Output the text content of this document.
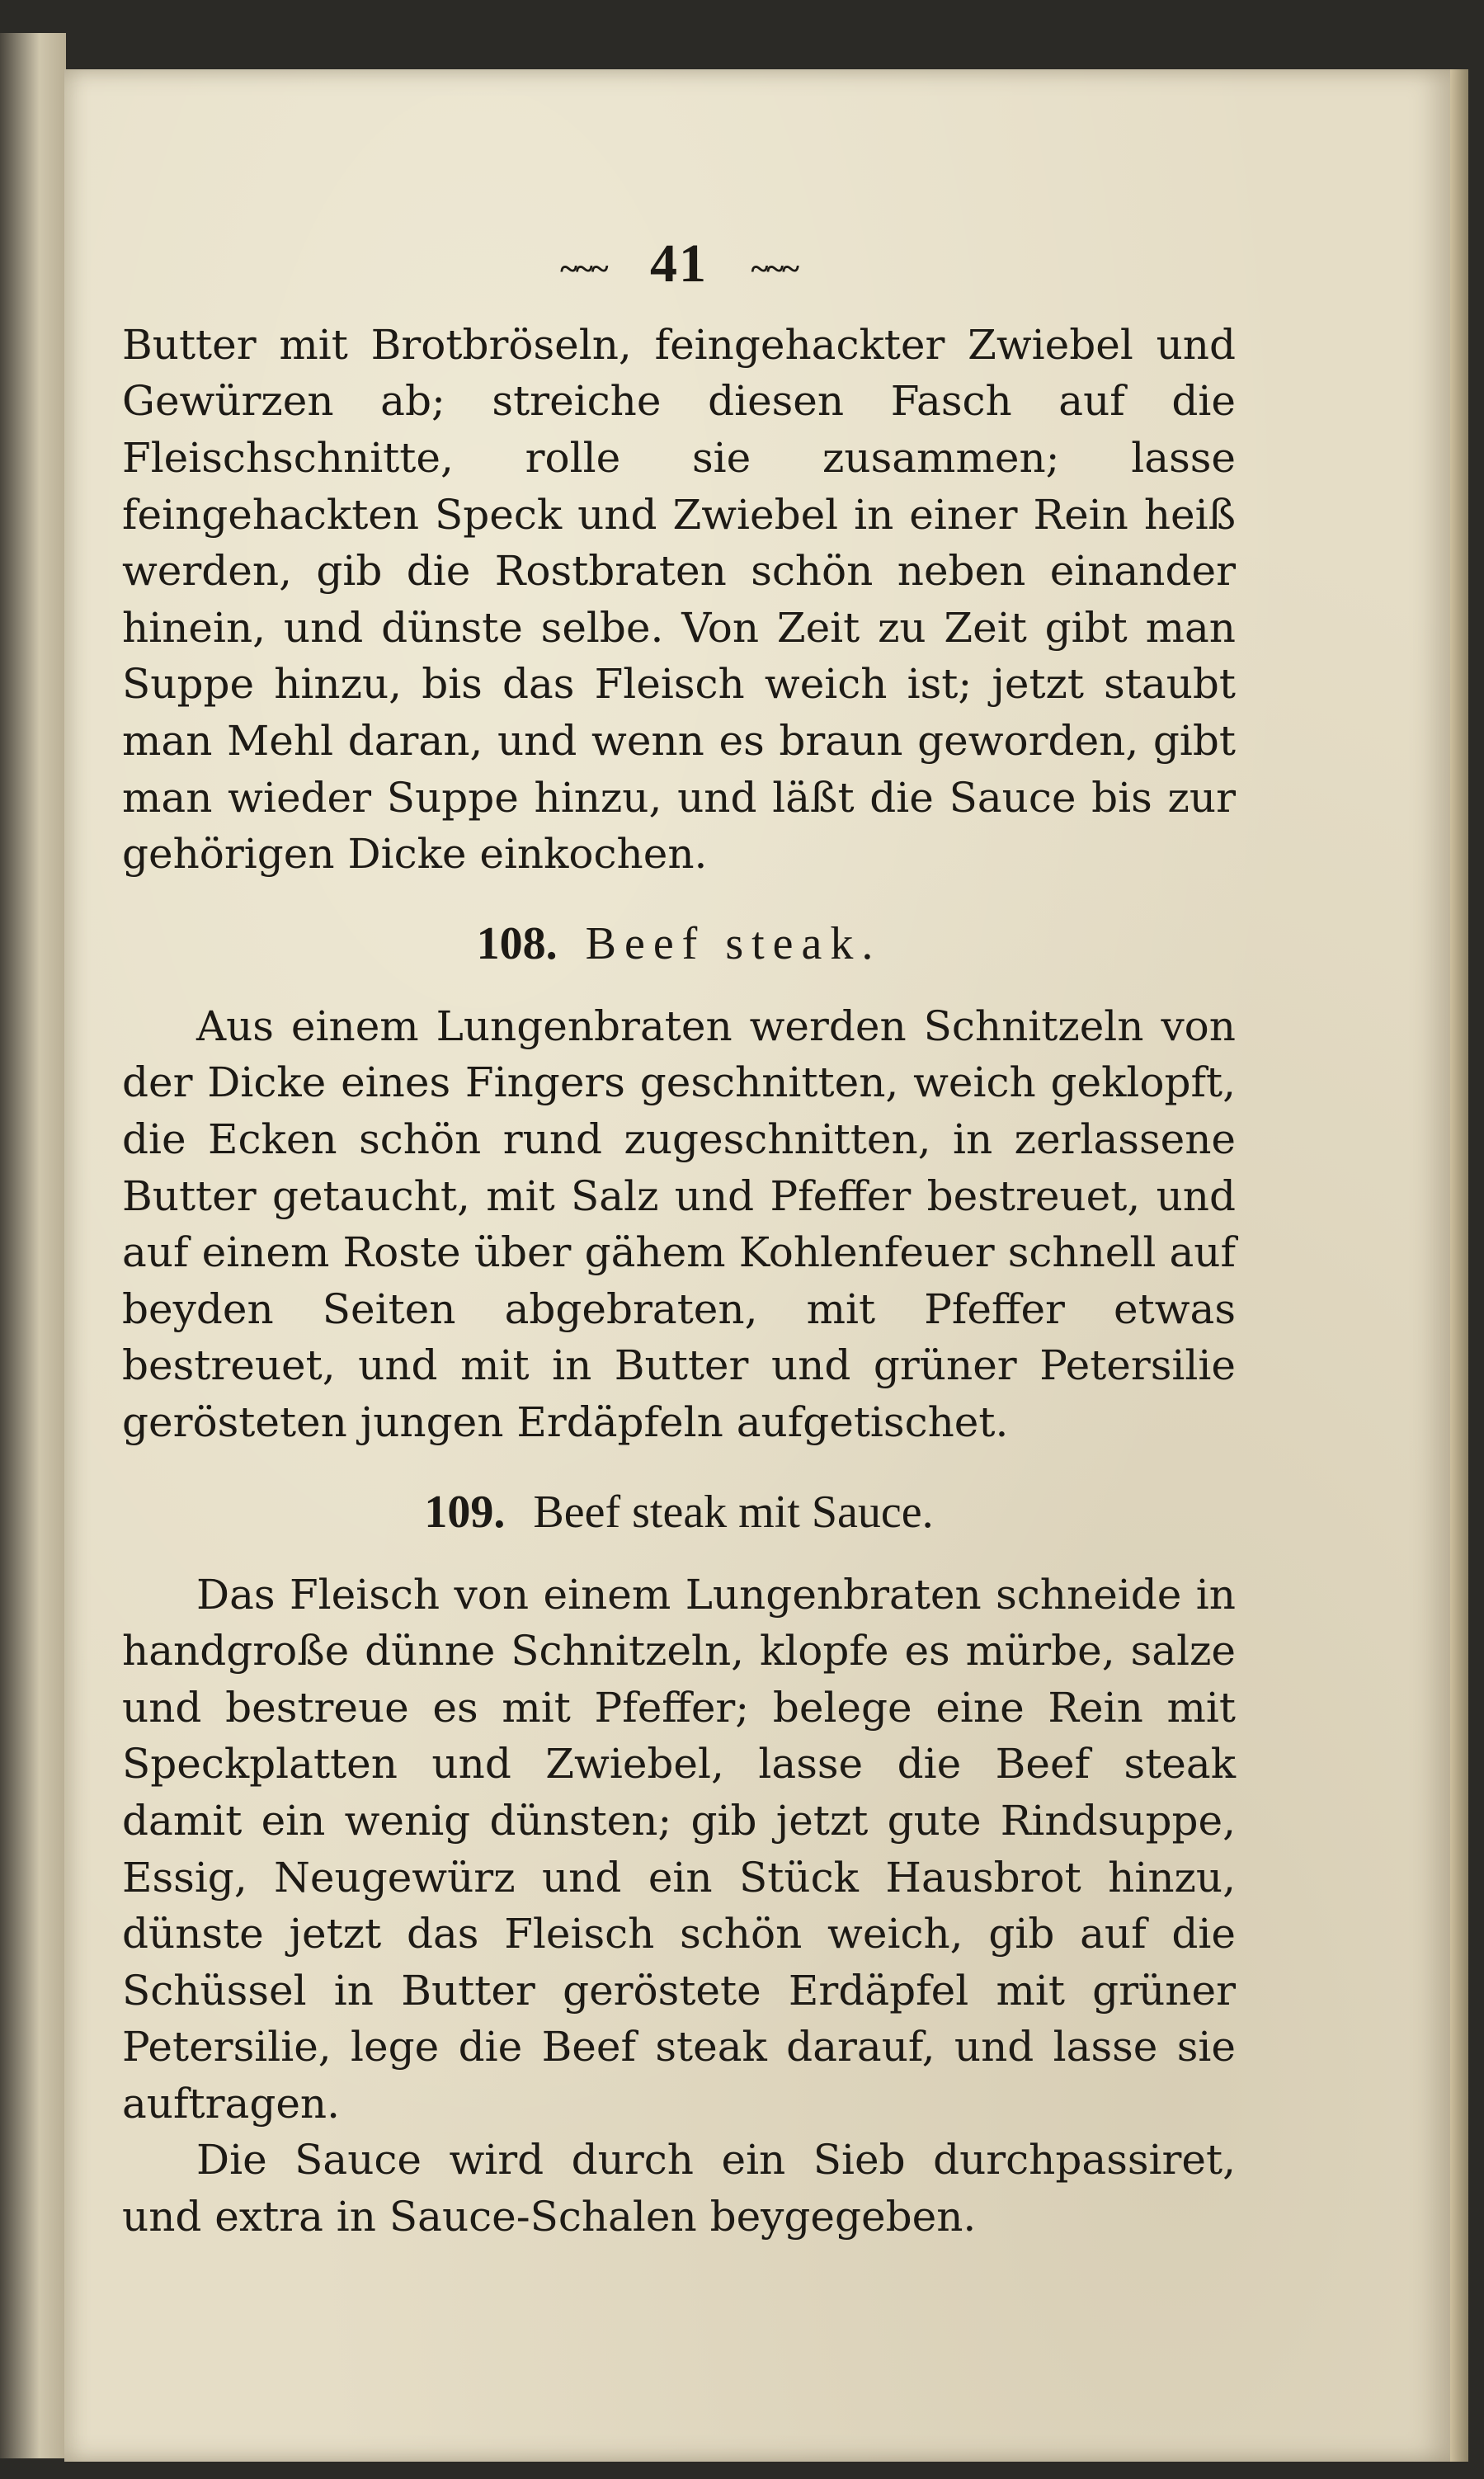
~~~ 41 ~~~

Butter mit Brotbröseln, feingehackter Zwiebel und Gewürzen ab; streiche diesen Fasch auf die Fleischschnitte, rolle sie zusammen; lasse feingehackten Speck und Zwiebel in einer Rein heiß werden, gib die Rostbraten schön neben einander hinein, und dünste selbe. Von Zeit zu Zeit gibt man Suppe hinzu, bis das Fleisch weich ist; jetzt staubt man Mehl daran, und wenn es braun geworden, gibt man wieder Suppe hinzu, und läßt die Sauce bis zur gehörigen Dicke einkochen.

108. Beef steak.

Aus einem Lungenbraten werden Schnitzeln von der Dicke eines Fingers geschnitten, weich geklopft, die Ecken schön rund zugeschnitten, in zerlassene Butter getaucht, mit Salz und Pfeffer bestreuet, und auf einem Roste über gähem Kohlenfeuer schnell auf beyden Seiten abgebraten, mit Pfeffer etwas bestreuet, und mit in Butter und grüner Petersilie gerösteten jungen Erdäpfeln aufgetischet.

109. Beef steak mit Sauce.

Das Fleisch von einem Lungenbraten schneide in handgroße dünne Schnitzeln, klopfe es mürbe, salze und bestreue es mit Pfeffer; belege eine Rein mit Speckplatten und Zwiebel, lasse die Beef steak damit ein wenig dünsten; gib jetzt gute Rindsuppe, Essig, Neugewürz und ein Stück Hausbrot hinzu, dünste jetzt das Fleisch schön weich, gib auf die Schüssel in Butter geröstete Erdäpfel mit grüner Petersilie, lege die Beef steak darauf, und lasse sie auftragen.

Die Sauce wird durch ein Sieb durchpassiret, und extra in Sauce-Schalen beygegeben.
